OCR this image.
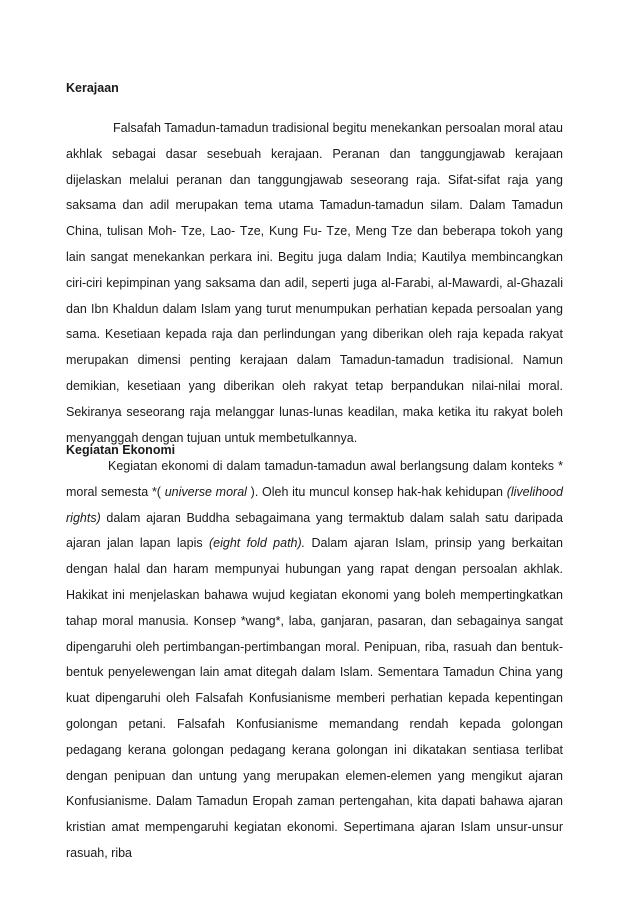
Kerajaan

Falsafah Tamadun-tamadun tradisional begitu menekankan persoalan moral atau akhlak sebagai dasar sesebuah kerajaan. Peranan dan tanggungjawab kerajaan dijelaskan melalui peranan dan tanggungjawab seseorang raja. Sifat-sifat raja yang saksama dan adil merupakan tema utama Tamadun-tamadun silam. Dalam Tamadun China, tulisan Moh- Tze, Lao- Tze, Kung Fu- Tze, Meng Tze dan beberapa tokoh yang lain sangat menekankan perkara ini. Begitu juga dalam India; Kautilya membincangkan ciri-ciri kepimpinan yang saksama dan adil, seperti juga al-Farabi, al-Mawardi, al-Ghazali dan Ibn Khaldun dalam Islam yang turut menumpukan perhatian kepada persoalan yang sama. Kesetiaan kepada raja dan perlindungan yang diberikan oleh raja kepada rakyat merupakan dimensi penting kerajaan dalam Tamadun-tamadun tradisional. Namun demikian, kesetiaan yang diberikan oleh rakyat tetap berpandukan nilai-nilai moral. Sekiranya seseorang raja melanggar lunas-lunas keadilan, maka ketika itu rakyat boleh menyanggah dengan tujuan untuk membetulkannya.

Kegiatan Ekonomi

Kegiatan ekonomi di dalam tamadun-tamadun awal berlangsung dalam konteks * moral semesta *( universe moral ). Oleh itu muncul konsep hak-hak kehidupan (livelihood rights) dalam ajaran Buddha sebagaimana yang termaktub dalam salah satu daripada ajaran jalan lapan lapis (eight fold path). Dalam ajaran Islam, prinsip yang berkaitan dengan halal dan haram mempunyai hubungan yang rapat dengan persoalan akhlak. Hakikat ini menjelaskan bahawa wujud kegiatan ekonomi yang boleh mempertingkatkan tahap moral manusia. Konsep *wang*, laba, ganjaran, pasaran, dan sebagainya sangat dipengaruhi oleh pertimbangan-pertimbangan moral. Penipuan, riba, rasuah dan bentuk-bentuk penyelewengan lain amat ditegah dalam Islam. Sementara Tamadun China yang kuat dipengaruhi oleh Falsafah Konfusianisme memberi perhatian kepada kepentingan golongan petani. Falsafah Konfusianisme memandang rendah kepada golongan pedagang kerana golongan pedagang kerana golongan ini dikatakan sentiasa terlibat dengan penipuan dan untung yang merupakan elemen-elemen yang mengikut ajaran Konfusianisme. Dalam Tamadun Eropah zaman pertengahan, kita dapati bahawa ajaran kristian amat mempengaruhi kegiatan ekonomi. Sepertimana ajaran Islam unsur-unsur rasuah, riba
